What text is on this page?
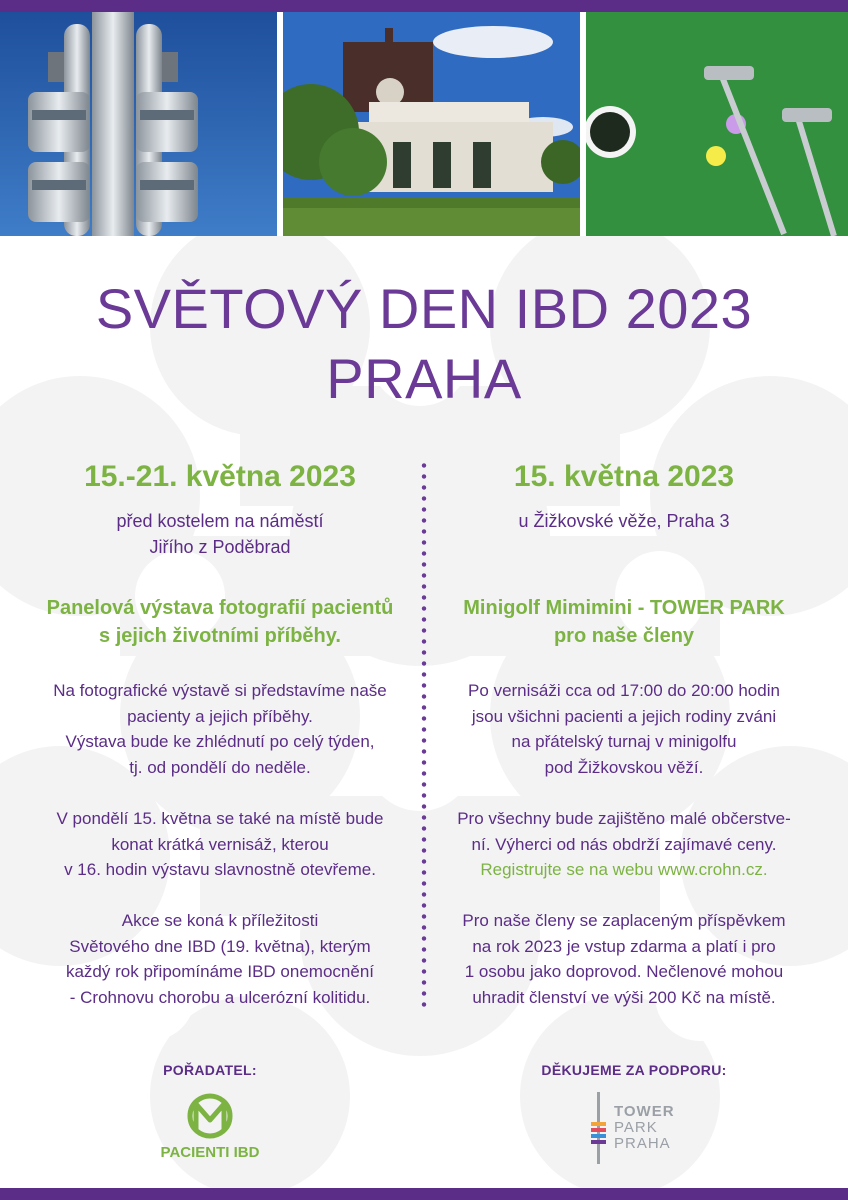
SVĚTOVÝ DEN IBD 2023
PRAHA
15.-21. května 2023
před kostelem na náměstí
Jiřího z Poděbrad
Panelová výstava fotografií pacientů
s jejich životními příběhy.
Na fotografické výstavě si představíme naše
pacienty a jejich příběhy.
Výstava bude ke zhlédnutí po celý týden,
tj. od pondělí do neděle.
V pondělí 15. května se také na místě bude
konat krátká vernisáž, kterou
v 16. hodin výstavu slavnostně otevřeme.
Akce se koná k příležitosti
Světového dne IBD (19. května), kterým
každý rok připomínáme IBD onemocnění
- Crohnovu chorobu a ulcerózní kolitidu.
15. května 2023
u Žižkovské věže, Praha 3
Minigolf Mimimini - TOWER PARK
pro naše členy
Po vernisáži cca od 17:00 do 20:00 hodin
jsou všichni pacienti a jejich rodiny zváni
na přátelský turnaj v minigolfu
pod Žižkovskou věží.
Pro všechny bude zajištěno malé občerstve-
ní. Výherci od nás obdrží zajímavé ceny.
Registrujte se na webu www.crohn.cz.
Pro naše členy se zaplaceným příspěvkem
na rok 2023 je vstup zdarma a platí i pro
1 osobu jako doprovod. Nečlenové mohou
uhradit členství ve výši 200 Kč na místě.
POŘADATEL:
PACIENTI IBD
DĚKUJEME ZA PODPORU:
TOWER
PARK
PRAHA
